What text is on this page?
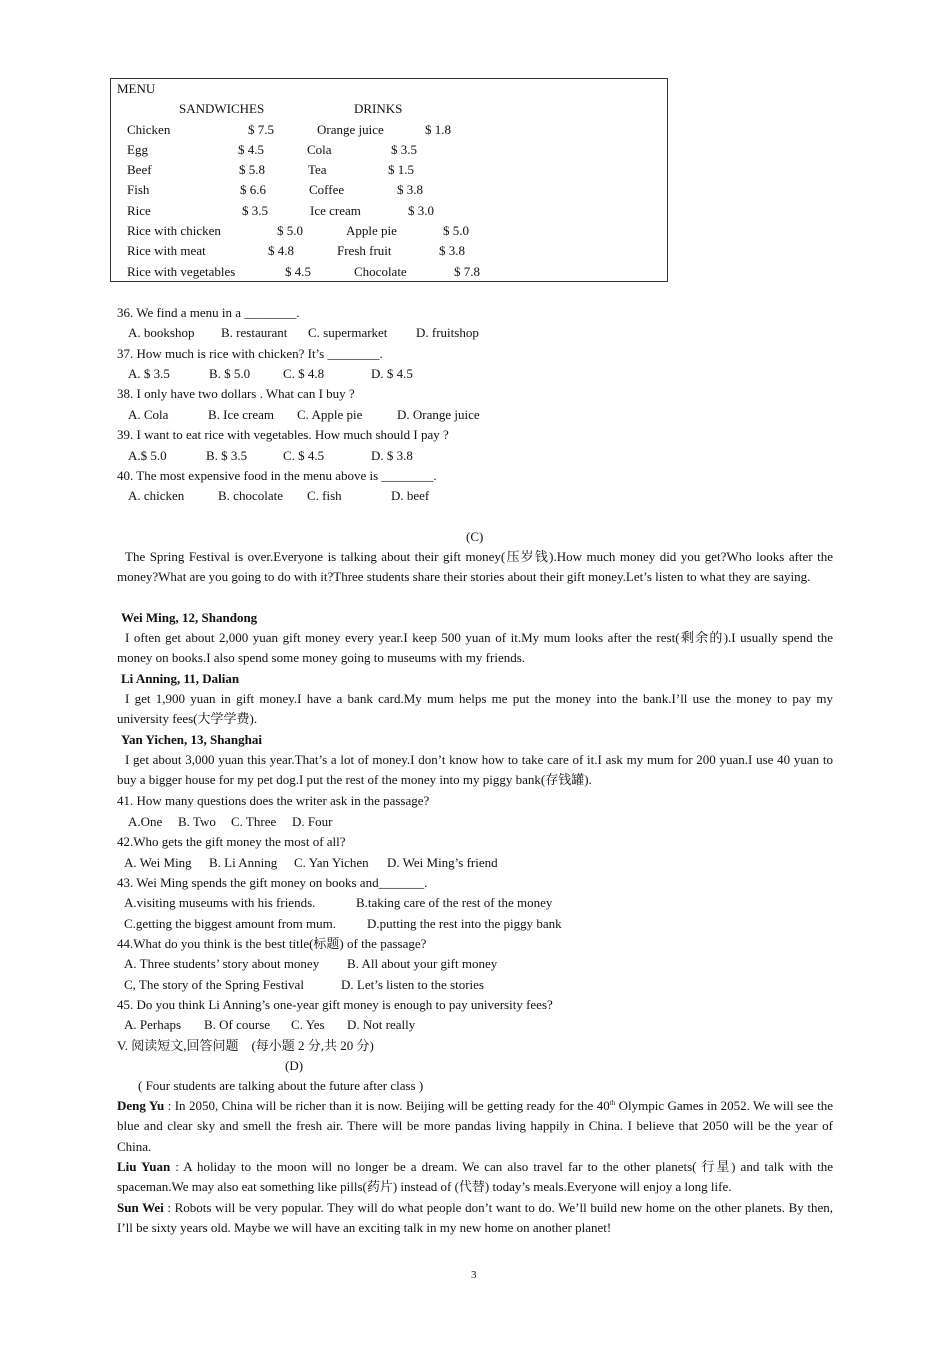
MENU
SANDWICHES	DRINKS
Chicken	$ 7.5	Orange juice	$ 1.8
Egg	$ 4.5	Cola	$ 3.5
Beef	$ 5.8	Tea	$ 1.5
Fish	$ 6.6	Coffee	$ 3.8
Rice	$ 3.5	Ice cream	$ 3.0
Rice with chicken	$ 5.0	Apple pie	$ 5.0
Rice with meat	$ 4.8	Fresh fruit	$ 3.8
Rice with vegetables	$ 4.5	Chocolate	$ 7.8
36. We find a menu in a ________.
A. bookshop B. restaurant C. supermarket D. fruitshop
37. How much is rice with chicken? It’s ________.
A. $ 3.5	B. $ 5.0	C. $ 4.8	D. $ 4.5
38. I only have two dollars . What can I buy ?
A. Cola	B. Ice cream C. Apple pie	D. Orange juice
39. I want to eat rice with vegetables. How much should I pay ?
A.$ 5.0	B. $ 3.5	C. $ 4.5	D. $ 3.8
40. The most expensive food in the menu above is ________.
A. chicken	B. chocolate C. fish	D. beef
(C)
The Spring Festival is over.Everyone is talking about their gift money(压岁钱).How much money did you get?Who looks after the money?What are you going to do with it?Three students share their stories about their gift money.Let’s listen to what they are saying.
Wei Ming, 12, Shandong
I often get about 2,000 yuan gift money every year.I keep 500 yuan of it.My mum looks after the rest(剩余的).I usually spend the money on books.I also spend some money going to museums with my friends.
Li Anning, 11, Dalian
I get 1,900 yuan in gift money.I have a bank card.My mum helps me put the money into the bank.I’ll use the money to pay my university fees(大学学费).
Yan Yichen, 13, Shanghai
I get about 3,000 yuan this year.That’s a lot of money.I don’t know how to take care of it.I ask my mum for 200 yuan.I use 40 yuan to buy a bigger house for my pet dog.I put the rest of the money into my piggy bank(存钱罐).
41. How many questions does the writer ask in the passage?
A.One B. Two C. Three D. Four
42.Who gets the gift money the most of all?
A. Wei Ming B. Li Anning C. Yan Yichen D. Wei Ming’s friend
43. Wei Ming spends the gift money on books and_______.
A.visiting museums with his friends.	B.taking care of the rest of the money
C.getting the biggest amount from mum. D.putting the rest into the piggy bank
44.What do you think is the best title(标题) of the passage?
A. Three students’ story about money B. All about your gift money
C, The story of the Spring Festival	D. Let’s listen to the stories
45. Do you think Li Anning’s one-year gift money is enough to pay university fees?
A. Perhaps B. Of course C. Yes D. Not really
V. 阅读短文,回答问题　(每小题 2 分,共 20 分)
(D)
( Four students are talking about the future after class )
Deng Yu : In 2050, China will be richer than it is now. Beijing will be getting ready for the 40th Olympic Games in 2052. We will see the blue and clear sky and smell the fresh air. There will be more pandas living happily in China. I believe that 2050 will be the year of China.
Liu Yuan : A holiday to the moon will no longer be a dream. We can also travel far to the other planets( 行星) and talk with the spaceman.We may also eat something like pills(药片) instead of (代替) today’s meals.Everyone will enjoy a long life.
Sun Wei : Robots will be very popular. They will do what people don’t want to do. We’ll build new home on the other planets. By then, I’ll be sixty years old. Maybe we will have an exciting talk in my new home on another planet!
3
